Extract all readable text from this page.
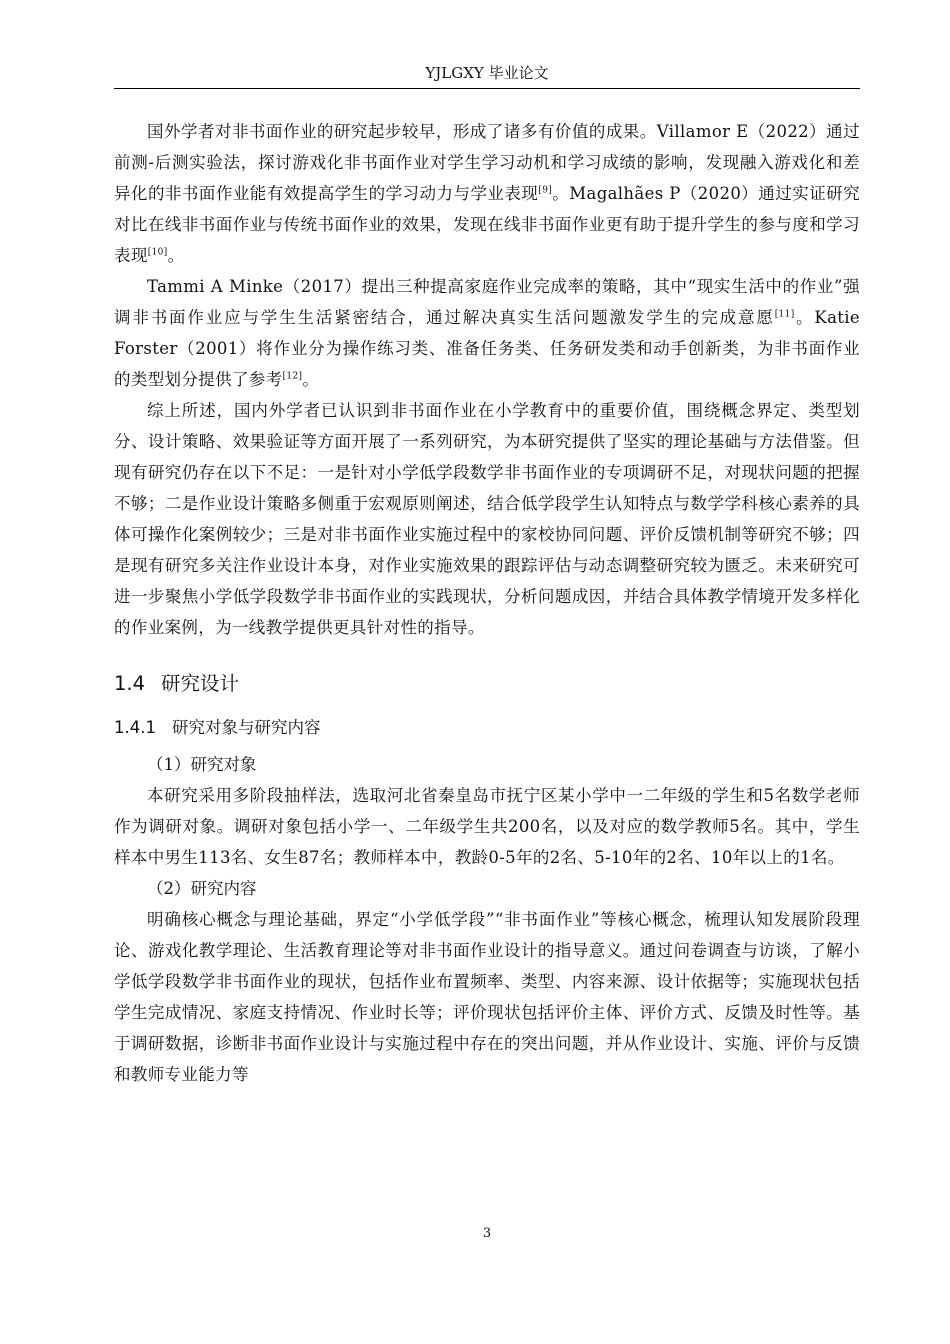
YJLGXY 毕业论文

国外学者对非书面作业的研究起步较早，形成了诸多有价值的成果。Villamor E（2022）通过前测-后测实验法，探讨游戏化非书面作业对学生学习动机和学习成绩的影响，发现融入游戏化和差异化的非书面作业能有效提高学生的学习动力与学业表现[9]。Magalhães P（2020）通过实证研究对比在线非书面作业与传统书面作业的效果，发现在线非书面作业更有助于提升学生的参与度和学习表现[10]。

Tammi A Minke（2017）提出三种提高家庭作业完成率的策略，其中“现实生活中的作业”强调非书面作业应与学生生活紧密结合，通过解决真实生活问题激发学生的完成意愿[11]。Katie Forster（2001）将作业分为操作练习类、准备任务类、任务研发类和动手创新类，为非书面作业的类型划分提供了参考[12]。

综上所述，国内外学者已认识到非书面作业在小学教育中的重要价值，围绕概念界定、类型划分、设计策略、效果验证等方面开展了一系列研究，为本研究提供了坚实的理论基础与方法借鉴。但现有研究仍存在以下不足：一是针对小学低学段数学非书面作业的专项调研不足，对现状问题的把握不够；二是作业设计策略多侧重于宏观原则阐述，结合低学段学生认知特点与数学学科核心素养的具体可操作化案例较少；三是对非书面作业实施过程中的家校协同问题、评价反馈机制等研究不够；四是现有研究多关注作业设计本身，对作业实施效果的跟踪评估与动态调整研究较为匮乏。未来研究可进一步聚焦小学低学段数学非书面作业的实践现状，分析问题成因，并结合具体教学情境开发多样化的作业案例，为一线教学提供更具针对性的指导。

1.4 研究设计
1.4.1 研究对象与研究内容

（1）研究对象

本研究采用多阶段抽样法，选取河北省秦皇岛市抚宁区某小学中一二年级的学生和5名数学老师作为调研对象。调研对象包括小学一、二年级学生共200名，以及对应的数学教师5名。其中，学生样本中男生113名、女生87名；教师样本中，教龄0-5年的2名、5-10年的2名、10年以上的1名。

（2）研究内容

明确核心概念与理论基础，界定“小学低学段”“非书面作业”等核心概念，梳理认知发展阶段理论、游戏化教学理论、生活教育理论等对非书面作业设计的指导意义。通过问卷调查与访谈，了解小学低学段数学非书面作业的现状，包括作业布置频率、类型、内容来源、设计依据等；实施现状包括学生完成情况、家庭支持情况、作业时长等；评价现状包括评价主体、评价方式、反馈及时性等。基于调研数据，诊断非书面作业设计与实施过程中存在的突出问题，并从作业设计、实施、评价与反馈和教师专业能力等

3
